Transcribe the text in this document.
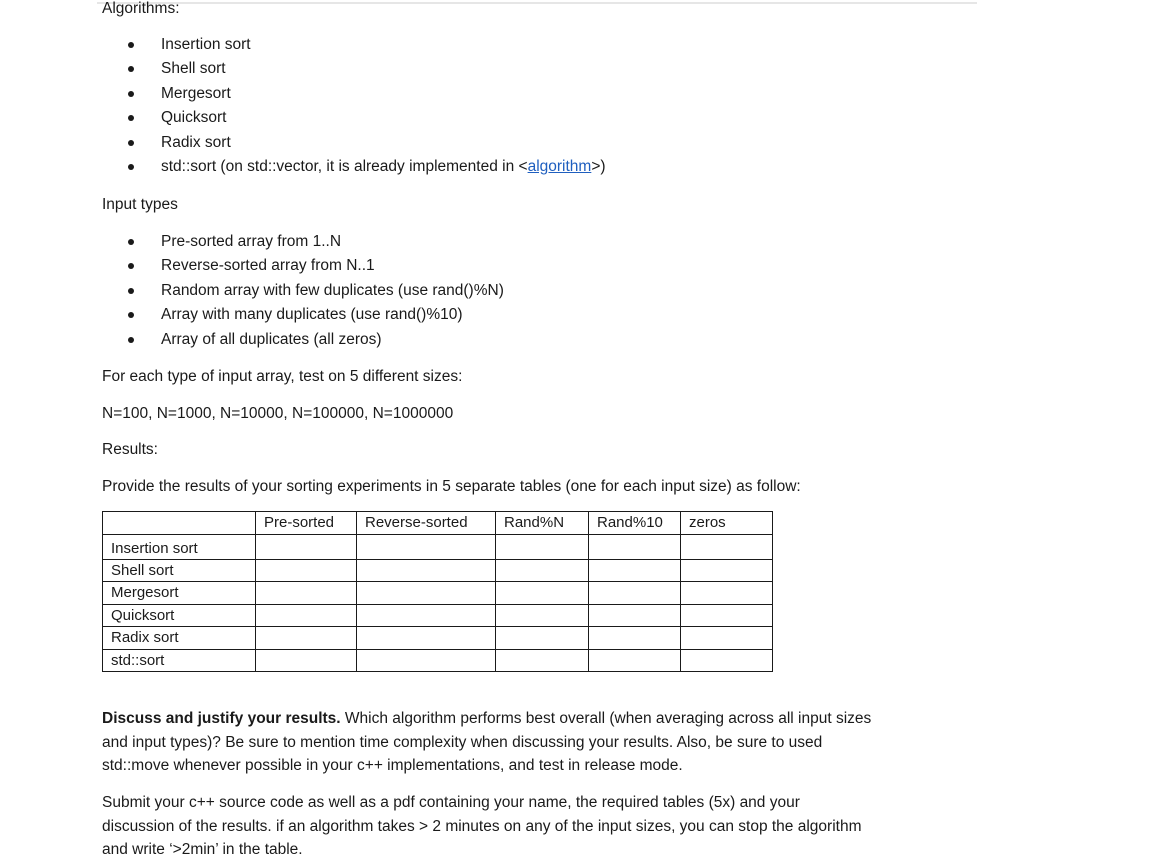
Algorithms:
Insertion sort
Shell sort
Mergesort
Quicksort
Radix sort
std::sort (on std::vector, it is already implemented in <algorithm>)
Input types
Pre-sorted array from 1..N
Reverse-sorted array from N..1
Random array with few duplicates (use rand()%N)
Array with many duplicates (use rand()%10)
Array of all duplicates (all zeros)
For each type of input array, test on 5 different sizes:
N=100, N=1000, N=10000, N=100000, N=1000000
Results:
Provide the results of your sorting experiments in 5 separate tables (one for each input size) as follow:
	Pre-sorted	Reverse-sorted	Rand%N	Rand%10	zeros
Insertion sort					
Shell sort					
Mergesort					
Quicksort					
Radix sort					
std::sort					
Discuss and justify your results. Which algorithm performs best overall (when averaging across all input sizes and input types)? Be sure to mention time complexity when discussing your results. Also, be sure to used std::move whenever possible in your c++ implementations, and test in release mode.
Submit your c++ source code as well as a pdf containing your name, the required tables (5x) and your discussion of the results. if an algorithm takes > 2 minutes on any of the input sizes, you can stop the algorithm and write ‘>2min’ in the table.
